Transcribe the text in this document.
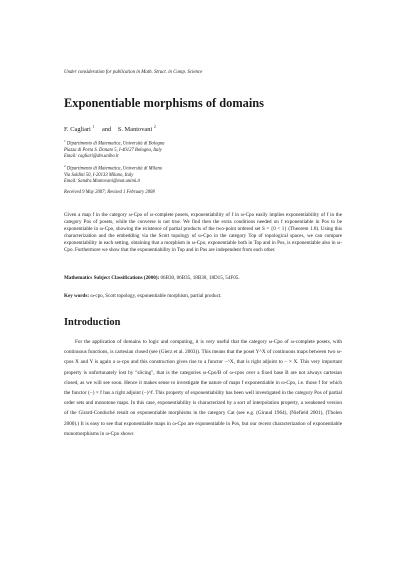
Under consideration for publication in Math. Struct. in Comp. Science
Exponentiable morphisms of domains
F. Cagliari $^1$ and S. Mantovani $^2$
$^1$ Dipartimento di Matematica, Università di Bologna
Piazza di Porta S. Donato 5, I-40127 Bologna, Italy
Email: cagliari@dm.unibo.it
$^2$ Dipartimento di Matematica, Università di Milano
Via Saldini 50, I-20133 Milano, Italy
Email: Sandra.Mantovani@mat.unimi.it
Received 9 May 2007; Revised 1 February 2008
Given a map f in the category ω-Cpo of ω-complete posets, exponentiability of f in ω-Cpo easily implies exponentiability of f in the category Pos of posets, while the converse is not true. We find then the extra conditions needed on f exponentiable in Pos to be exponentiable in ω-Cpo, showing the existence of partial products of the two-point ordered set S = {0 < 1} (Theorem 1.8). Using this characterization and the embedding via the Scott topology of ω-Cpo in the category Top of topological spaces, we can compare exponentiability in each setting, obtaining that a morphism in ω-Cpo, exponentiable both in Top and in Pos, is exponentiable also in ω-Cpo. Furthermore we show that the exponentiability in Top and in Pos are independent from each other.
Mathematics Subject Classifications (2000): 06B30, 06B35, 18B30, 18D15, 54F05.
Key words: ω-cpo, Scott topology, exponentiable morphism, partial product.
Introduction
For the application of domains to logic and computing, it is very useful that the category ω-Cpo of ω-complete posets, with continuous functions, is cartesian closed (see (Gierz et al. 2003)). This means that the poset Y^X of continuous maps between two ω-cpos X and Y is again a ω-cpo and this construction gives rise to a functor −^X, that is right adjoint to − × X. This very important property is unfortunately lost by "slicing", that is the categories ω-Cpo/B of ω-cpos over a fixed base B are not always cartesian closed, as we will see soon. Hence it makes sense to investigate the nature of maps f exponentiable in ω-Cpo, i.e. those f for which the functor (−) × f has a right adjoint (−)^f. This property of exponentiability has been well investigated in the category Pos of partial order sets and monotone maps. In this case, exponentiability is characterized by a sort of interpolation property, a weakened version of the Girard-Conduché result on exponentiable morphisms in the category Cat (see e.g. (Giraud 1964), (Niefield 2001), (Tholen 2000).) It is easy to see that exponentiable maps in ω-Cpo are exponentiable in Pos, but our recent characterization of exponentiable monomorphisms in ω-Cpo shows
